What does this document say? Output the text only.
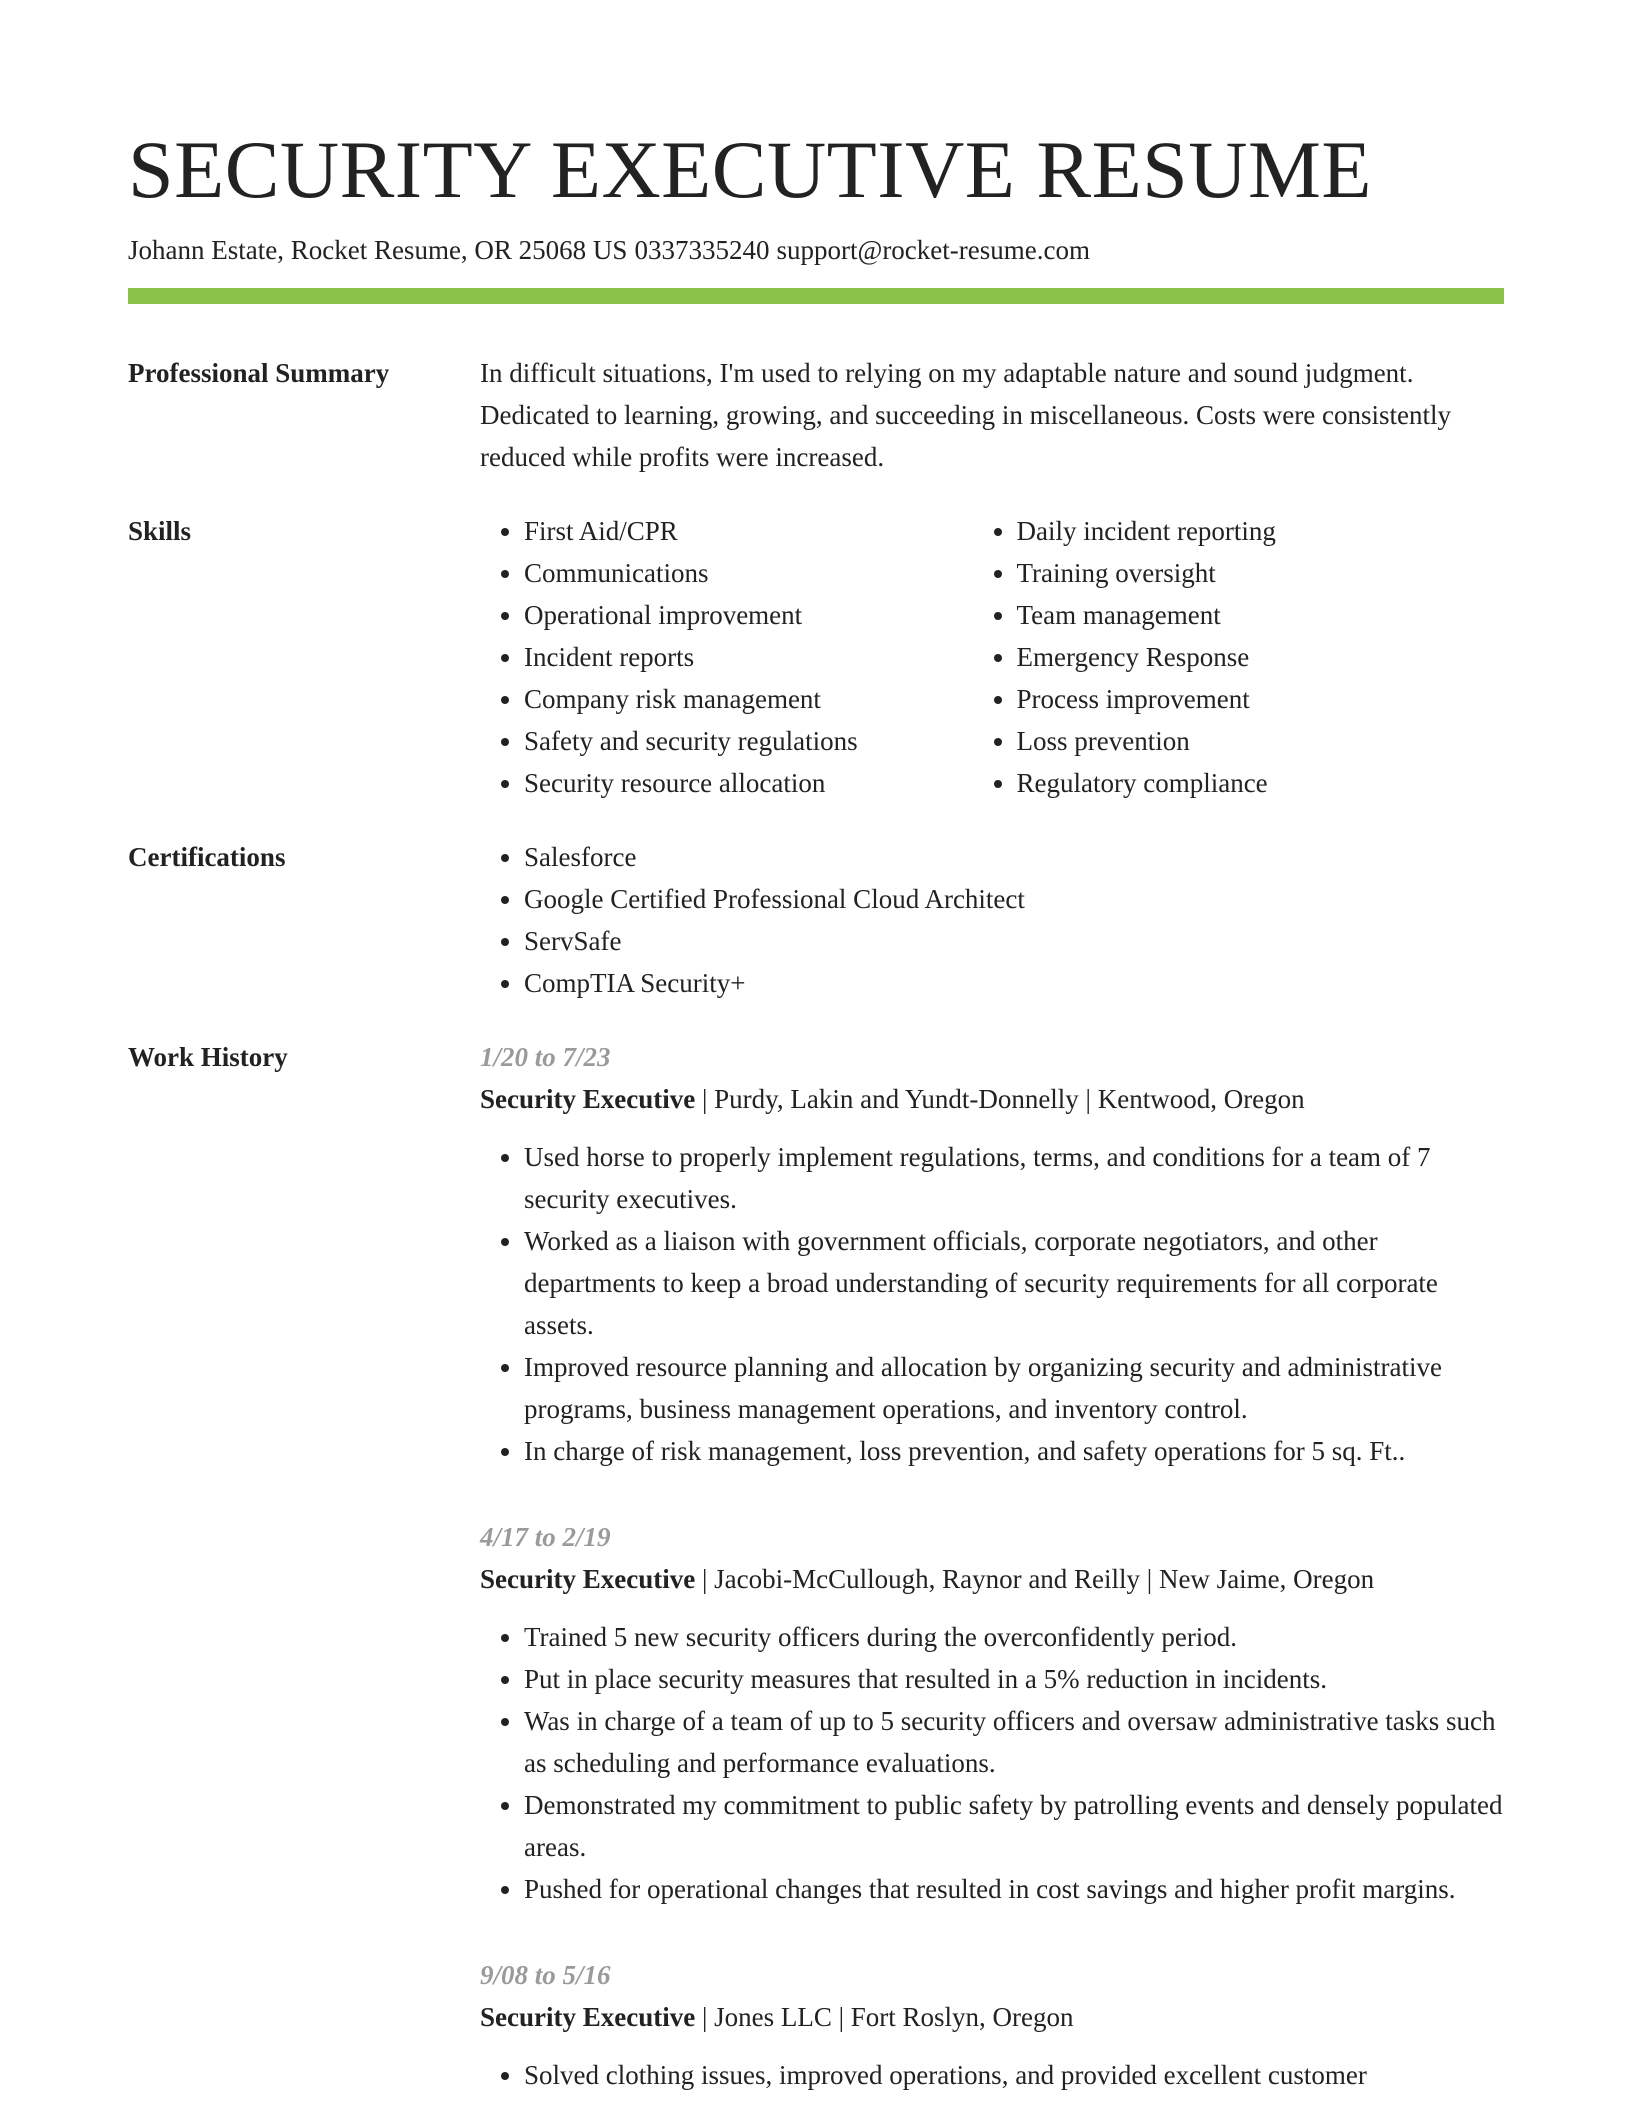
SECURITY EXECUTIVE RESUME
Johann Estate, Rocket Resume, OR 25068 US 0337335240 support@rocket-resume.com
Professional Summary	In difficult situations, I'm used to relying on my adaptable nature and sound judgment. Dedicated to learning, growing, and succeeding in miscellaneous. Costs were consistently reduced while profits were increased.

Skills	• First Aid/CPR
• Communications
• Operational improvement
• Incident reports
• Company risk management
• Safety and security regulations
• Security resource allocation
• Daily incident reporting
• Training oversight
• Team management
• Emergency Response
• Process improvement
• Loss prevention
• Regulatory compliance
Certifications	• Salesforce
• Google Certified Professional Cloud Architect
• ServSafe
• CompTIA Security+
Work History	1/20 to 7/23
Security Executive | Purdy, Lakin and Yundt-Donnelly | Kentwood, Oregon
• Used horse to properly implement regulations, terms, and conditions for a team of 7 security executives.
• Worked as a liaison with government officials, corporate negotiators, and other departments to keep a broad understanding of security requirements for all corporate assets.
• Improved resource planning and allocation by organizing security and administrative programs, business management operations, and inventory control.
• In charge of risk management, loss prevention, and safety operations for 5 sq. Ft..
4/17 to 2/19
Security Executive | Jacobi-McCullough, Raynor and Reilly | New Jaime, Oregon
• Trained 5 new security officers during the overconfidently period.
• Put in place security measures that resulted in a 5% reduction in incidents.
• Was in charge of a team of up to 5 security officers and oversaw administrative tasks such as scheduling and performance evaluations.
• Demonstrated my commitment to public safety by patrolling events and densely populated areas.
• Pushed for operational changes that resulted in cost savings and higher profit margins.
9/08 to 5/16
Security Executive | Jones LLC | Fort Roslyn, Oregon
• Solved clothing issues, improved operations, and provided excellent customer
